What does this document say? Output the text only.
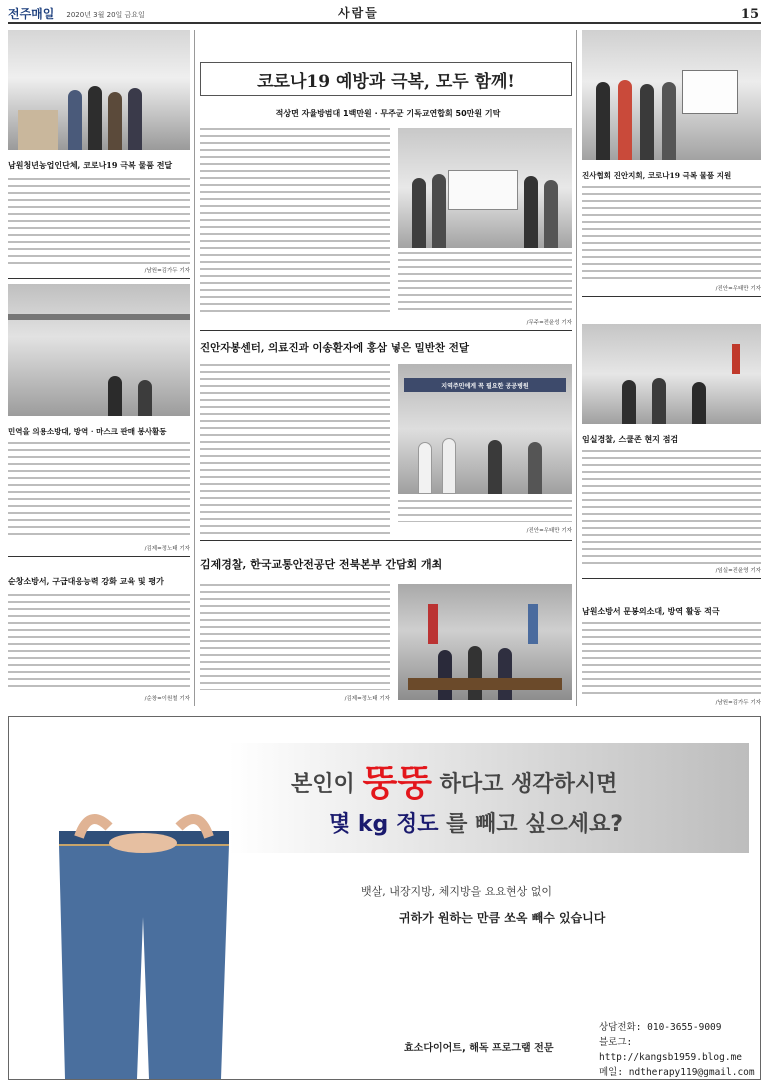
전주매일 2020년 3월 20일 금요일	사람들	15
남원청년농업인단체, 코로나19 극복 물품 전달
/남원=김가두 기자
민역을 의용소방대, 방역 · 마스크 판매 봉사활동
/김제=정노태 기자
순창소방서, 구급대응능력 강화 교육 및 평가
/순창=이원철 기자
코로나19 예방과 극복, 모두 함께!
적상면 자율방범대 1백만원 · 무주군 기독교연합회 50만원 기탁
/무주=전윤성 기자
진안자봉센터, 의료진과 이송환자에 홍삼 넣은 밀반찬 전달
지역주민에게 꼭 필요한 공공병원
/진안=우태만 기자
김제경찰, 한국교통안전공단 전북본부 간담회 개최
/김제=정노태 기자
진사협회 진안지회, 코로나19 극복 물품 지원
/진안=우태만 기자
임실경찰, 스쿨존 현지 점검
/임실=진윤영 기자
남원소방서 문봉의소대, 방역 활동 적극
/남원=김가두 기자
본인이 뚱뚱 하다고 생각하시면
몇 kg 정도 를 빼고 싶으세요?
뱃살, 내장지방, 체지방을 요요현상 없이
귀하가 원하는 만큼 쏘옥 빼수 있습니다
효소다이어트, 해독 프로그램 전문
상담전화: 010-3655-9009
블로그: http://kangsb1959.blog.me
메일: ndtherapy119@gmail.com
